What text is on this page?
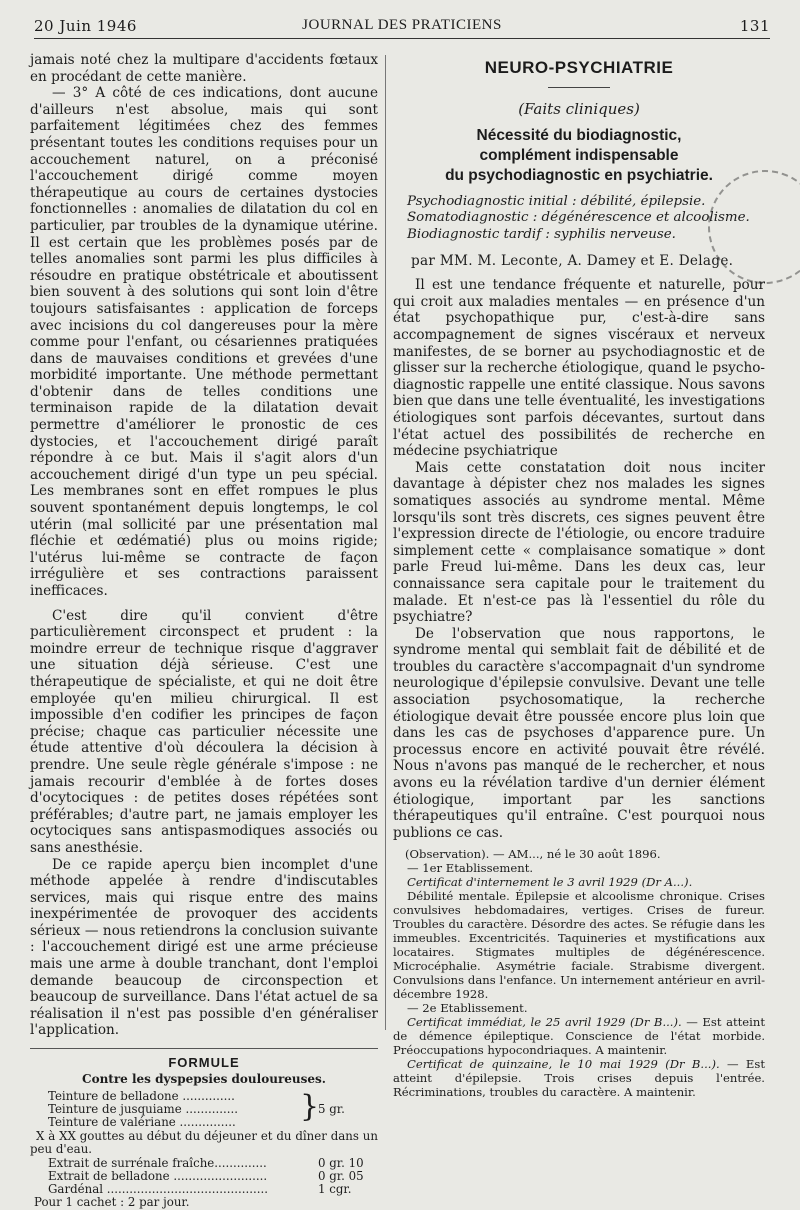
20 Juin 1946	JOURNAL DES PRATICIENS	131

jamais noté chez la multipare d'accidents fœtaux en procédant de cette manière.

— 3° A côté de ces indications, dont aucune d'ailleurs n'est absolue, mais qui sont parfaitement légitimées chez des femmes présentant toutes les conditions requises pour un accouchement naturel, on a préconisé l'accouchement dirigé comme moyen thérapeutique au cours de certaines dystocies fonctionnelles : anomalies de dilatation du col en particulier, par troubles de la dynamique utérine. Il est certain que les problèmes posés par de telles anomalies sont parmi les plus difficiles à résoudre en pratique obstétricale et aboutissent bien souvent à des solutions qui sont loin d'être toujours satisfaisantes : application de forceps avec incisions du col dangereuses pour la mère comme pour l'enfant, ou césariennes pratiquées dans de mauvaises conditions et grevées d'une morbidité importante. Une méthode permettant d'obtenir dans de telles conditions une terminaison rapide de la dilatation devait permettre d'améliorer le pronostic de ces dystocies, et l'accouchement dirigé paraît répondre à ce but. Mais il s'agit alors d'un accouchement dirigé d'un type un peu spécial. Les membranes sont en effet rompues le plus souvent spontanément depuis longtemps, le col utérin (mal sollicité par une présentation mal fléchie et œdématié) plus ou moins rigide; l'utérus lui-même se contracte de façon irrégulière et ses contractions paraissent inefficaces.

C'est dire qu'il convient d'être particulièrement circonspect et prudent : la moindre erreur de technique risque d'aggraver une situation déjà sérieuse. C'est une thérapeutique de spécialiste, et qui ne doit être employée qu'en milieu chirurgical. Il est impossible d'en codifier les principes de façon précise; chaque cas particulier nécessite une étude attentive d'où découlera la décision à prendre. Une seule règle générale s'impose : ne jamais recourir d'emblée à de fortes doses d'ocytociques : de petites doses répétées sont préférables; d'autre part, ne jamais employer les ocytociques sans antispasmodiques associés ou sans anesthésie.

De ce rapide aperçu bien incomplet d'une méthode appelée à rendre d'indiscutables services, mais qui risque entre des mains inexpérimentée de provoquer des accidents sérieux — nous retiendrons la conclusion suivante : l'accouchement dirigé est une arme précieuse mais une arme à double tranchant, dont l'emploi demande beaucoup de circonspection et beaucoup de surveillance. Dans l'état actuel de sa réalisation il n'est pas possible d'en généraliser l'application.

FORMULE
Contre les dyspepsies douloureuses.
Teinture de belladone ..............
Teinture de jusquiame ..............	5 gr.
Teinture de valériane ...............	}
X à XX gouttes au début du déjeuner et du dîner dans un peu d'eau.
Extrait de surrénale fraîche..............	0 gr. 10
Extrait de belladone .........................	0 gr. 05
Gardénal ...........................................	1 cgr.
Pour 1 cachet : 2 par jour.
NEURO-PSYCHIATRIE
(Faits cliniques)
Nécessité du biodiagnostic,
complément indispensable
du psychodiagnostic en psychiatrie.
Psychodiagnostic initial : débilité, épilepsie.
Somatodiagnostic : dégénérescence et alcoolisme.
Biodiagnostic tardif : syphilis nerveuse.
par MM. M. Leconte, A. Damey et E. Delage.

Il est une tendance fréquente et naturelle, pour qui croit aux maladies mentales — en présence d'un état psychopathique pur, c'est-à-dire sans accompagnement de signes viscéraux et nerveux manifestes, de se borner au psychodiagnostic et de glisser sur la recherche étiologique, quand le psycho-diagnostic rappelle une entité classique. Nous savons bien que dans une telle éventualité, les investigations étiologiques sont parfois décevantes, surtout dans l'état actuel des possibilités de recherche en médecine psychiatrique

Mais cette constatation doit nous inciter davantage à dépister chez nos malades les signes somatiques associés au syndrome mental. Même lorsqu'ils sont très discrets, ces signes peuvent être l'expression directe de l'étiologie, ou encore traduire simplement cette « complaisance somatique » dont parle Freud lui-même. Dans les deux cas, leur connaissance sera capitale pour le traitement du malade. Et n'est-ce pas là l'essentiel du rôle du psychiatre?

De l'observation que nous rapportons, le syndrome mental qui semblait fait de débilité et de troubles du caractère s'accompagnait d'un syndrome neurologique d'épilepsie convulsive. Devant une telle association psychosomatique, la recherche étiologique devait être poussée encore plus loin que dans les cas de psychoses d'apparence pure. Un processus encore en activité pouvait être révélé. Nous n'avons pas manqué de le rechercher, et nous avons eu la révélation tardive d'un dernier élément étiologique, important par les sanctions thérapeutiques qu'il entraîne. C'est pourquoi nous publions ce cas.

(Observation). — AM..., né le 30 août 1896.

— 1er Etablissement.

Certificat d'internement le 3 avril 1929 (Dr A...).

Débilité mentale. Épilepsie et alcoolisme chronique. Crises convulsives hebdomadaires, vertiges. Crises de fureur. Troubles du caractère. Désordre des actes. Se réfugie dans les immeubles. Excentricités. Taquineries et mystifications aux locataires. Stigmates multiples de dégénérescence. Microcéphalie. Asymétrie faciale. Strabisme divergent. Convulsions dans l'enfance. Un internement antérieur en avril-décembre 1928.

— 2e Etablissement.

Certificat immédiat, le 25 avril 1929 (Dr B...). — Est atteint de démence épileptique. Conscience de l'état morbide. Préoccupations hypocondriaques. A maintenir.

Certificat de quinzaine, le 10 mai 1929 (Dr B...). — Est atteint d'épilepsie. Trois crises depuis l'entrée. Récriminations, troubles du caractère. A maintenir.
